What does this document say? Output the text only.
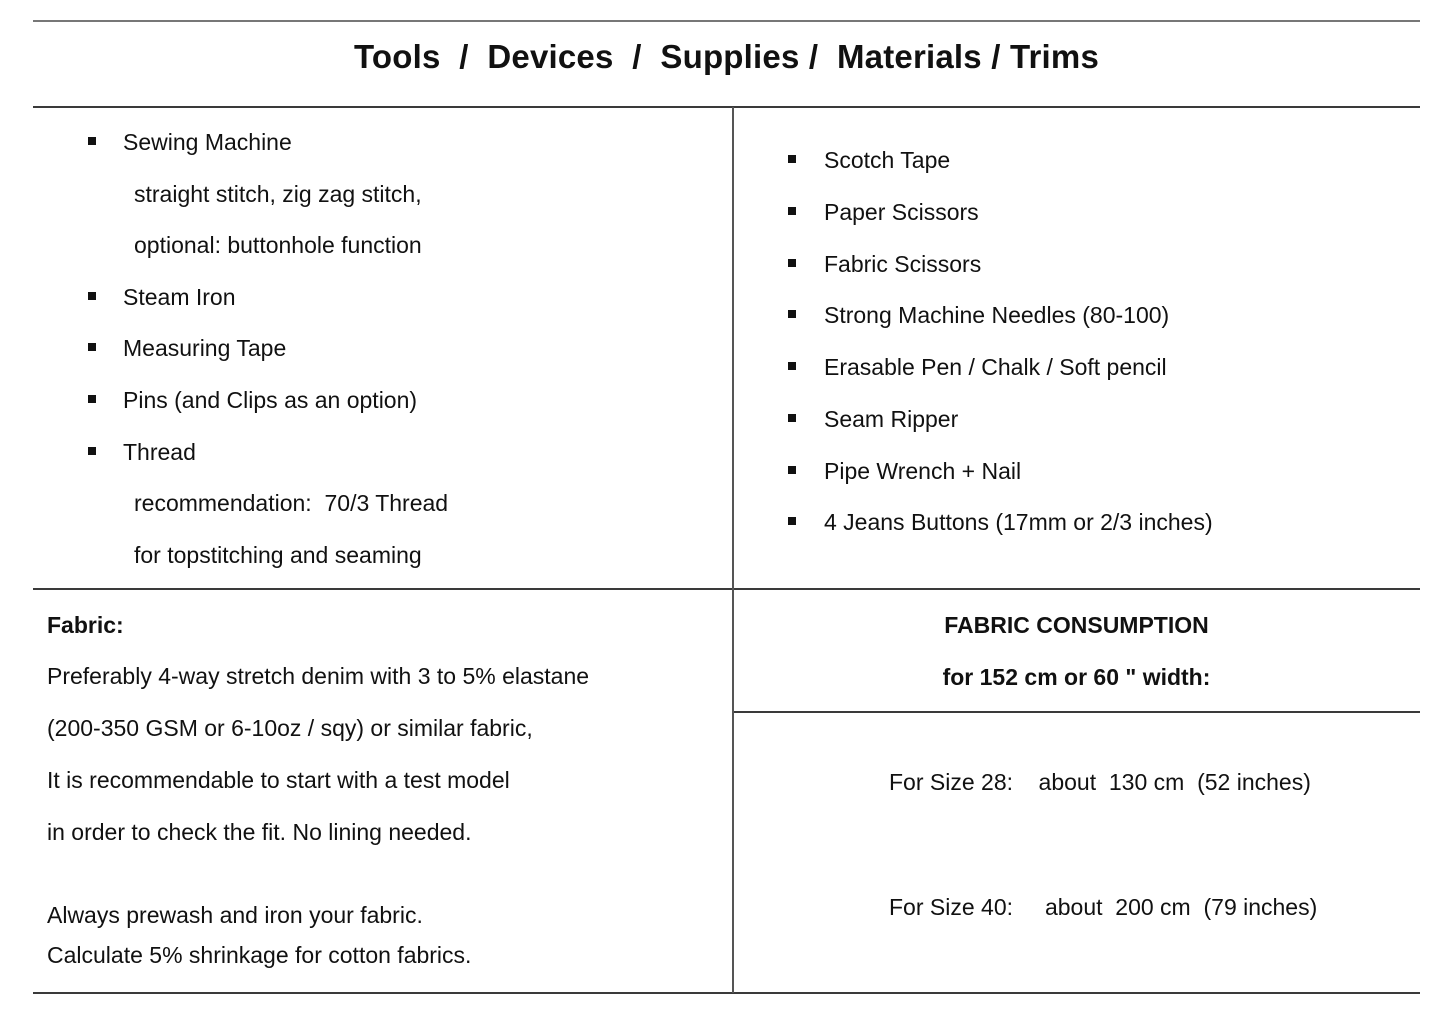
Tools  /  Devices  /  Supplies /  Materials / Trims
Sewing Machine
straight stitch, zig zag stitch,
optional: buttonhole function
Steam Iron
Measuring Tape
Pins (and Clips as an option)
Thread
recommendation:  70/3 Thread
for topstitching and seaming
Scotch Tape
Paper Scissors
Fabric Scissors
Strong Machine Needles (80-100)
Erasable Pen / Chalk / Soft pencil
Seam Ripper
Pipe Wrench + Nail
4 Jeans Buttons (17mm or 2/3 inches)
Fabric:
Preferably 4-way stretch denim with 3 to 5% elastane
(200-350 GSM or 6-10oz / sqy) or similar fabric,
It is recommendable to start with a test model
in order to check the fit. No lining needed.
Always prewash and iron your fabric.
Calculate 5% shrinkage for cotton fabrics.
FABRIC CONSUMPTION
for 152 cm or 60 " width:
For Size 28:    about  130 cm  (52 inches)
For Size 40:     about  200 cm  (79 inches)
